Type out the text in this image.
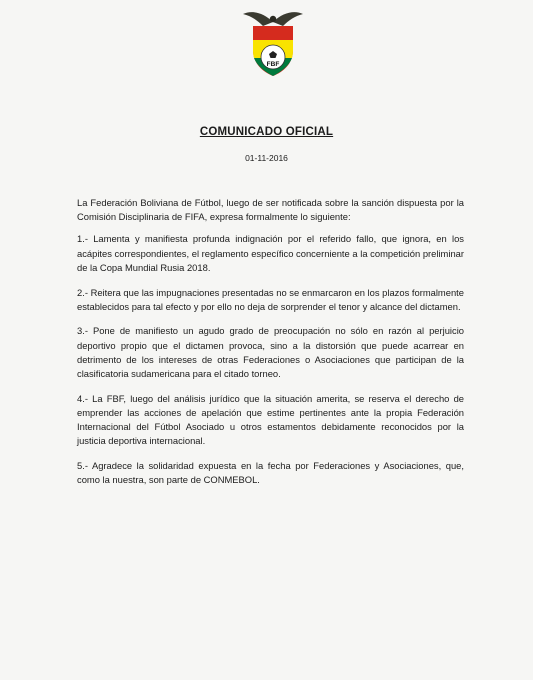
FBF
COMUNICADO OFICIAL
01-11-2016

La Federación Boliviana de Fútbol, luego de ser notificada sobre la sanción dispuesta por la Comisión Disciplinaria de FIFA, expresa formalmente lo siguiente:

1.- Lamenta y manifiesta profunda indignación por el referido fallo, que ignora, en los acápites correspondientes, el reglamento específico concerniente a la competición preliminar de la Copa Mundial Rusia 2018.

2.- Reitera que las impugnaciones presentadas no se enmarcaron en los plazos formalmente establecidos para tal efecto y por ello no deja de sorprender el tenor y alcance del dictamen.

3.- Pone de manifiesto un agudo grado de preocupación no sólo en razón al perjuicio deportivo propio que el dictamen provoca, sino a la distorsión que puede acarrear en detrimento de los intereses de otras Federaciones o Asociaciones que participan de la clasificatoria sudamericana para el citado torneo.

4.- La FBF, luego del análisis jurídico que la situación amerita, se reserva el derecho de emprender las acciones de apelación que estime pertinentes ante la propia Federación Internacional del Fútbol Asociado u otros estamentos debidamente reconocidos por la justicia deportiva internacional.

5.- Agradece la solidaridad expuesta en la fecha por Federaciones y Asociaciones, que, como la nuestra, son parte de CONMEBOL.
